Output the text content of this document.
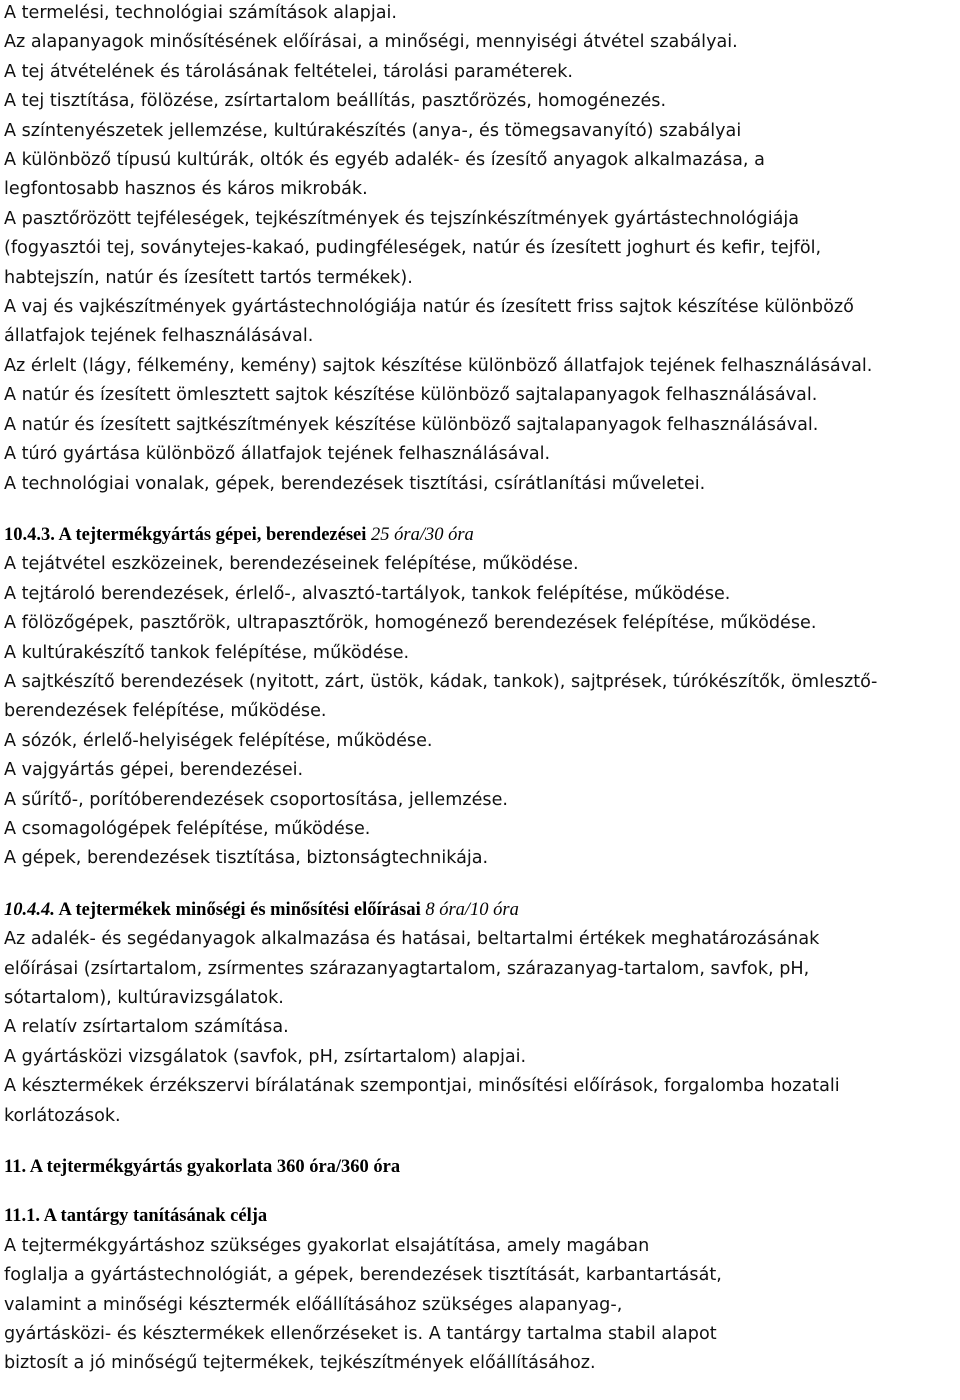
A termelési, technológiai számítások alapjai.
Az alapanyagok minősítésének előírásai, a minőségi, mennyiségi átvétel szabályai.
A tej átvételének és tárolásának feltételei, tárolási paraméterek.
A tej tisztítása, fölözése, zsírtartalom beállítás, pasztőrözés, homogénezés.
A színtenyészetek jellemzése, kultúrakészítés (anya-, és tömegsavanyító) szabályai
A különböző típusú kultúrák, oltók és egyéb adalék- és ízesítő anyagok alkalmazása, a
legfontosabb hasznos és káros mikrobák.
A pasztőrözött tejféleségek, tejkészítmények és tejszínkészítmények gyártástechnológiája
(fogyasztói tej, soványtejes-kakaó, pudingféleségek, natúr és ízesített joghurt és kefir, tejföl,
habtejszín, natúr és ízesített tartós termékek).
A vaj és vajkészítmények gyártástechnológiája natúr és ízesített friss sajtok készítése különböző
állatfajok tejének felhasználásával.
Az érlelt (lágy, félkemény, kemény) sajtok készítése különböző állatfajok tejének felhasználásával.
A natúr és ízesített ömlesztett sajtok készítése különböző sajtalapanyagok felhasználásával.
A natúr és ízesített sajtkészítmények készítése különböző sajtalapanyagok felhasználásával.
A túró gyártása különböző állatfajok tejének felhasználásával.
A technológiai vonalak, gépek, berendezések tisztítási, csírátlanítási műveletei.
10.4.3. A tejtermékgyártás gépei, berendezései 25 óra/30 óra
A tejátvétel eszközeinek, berendezéseinek felépítése, működése.
A tejtároló berendezések, érlelő-, alvasztó-tartályok, tankok felépítése, működése.
A fölözőgépek, pasztőrök, ultrapasztőrök, homogénező berendezések felépítése, működése.
A kultúrakészítő tankok felépítése, működése.
A sajtkészítő berendezések (nyitott, zárt, üstök, kádak, tankok), sajtprések, túrókészítők, ömlesztő-
berendezések felépítése, működése.
A sózók, érlelő-helyiségek felépítése, működése.
A vajgyártás gépei, berendezései.
A sűrítő-, porítóberendezések csoportosítása, jellemzése.
A csomagológépek felépítése, működése.
A gépek, berendezések tisztítása, biztonságtechnikája.
10.4.4. A tejtermékek minőségi és minősítési előírásai 8 óra/10 óra
Az adalék- és segédanyagok alkalmazása és hatásai, beltartalmi értékek meghatározásának
előírásai (zsírtartalom, zsírmentes szárazanyagtartalom, szárazanyag-tartalom, savfok, pH,
sótartalom), kultúravizsgálatok.
A relatív zsírtartalom számítása.
A gyártásközi vizsgálatok (savfok, pH, zsírtartalom) alapjai.
A késztermékek érzékszervi bírálatának szempontjai, minősítési előírások, forgalomba hozatali
korlátozások.
11. A tejtermékgyártás gyakorlata 360 óra/360 óra
11.1. A tantárgy tanításának célja
A tejtermékgyártáshoz szükséges gyakorlat elsajátítása, amely magában
foglalja a gyártástechnológiát, a gépek, berendezések tisztítását, karbantartását,
valamint a minőségi késztermék előállításához szükséges alapanyag-,
gyártásközi- és késztermékek ellenőrzéseket is. A tantárgy tartalma stabil alapot
biztosít a jó minőségű tejtermékek, tejkészítmények előállításához.
